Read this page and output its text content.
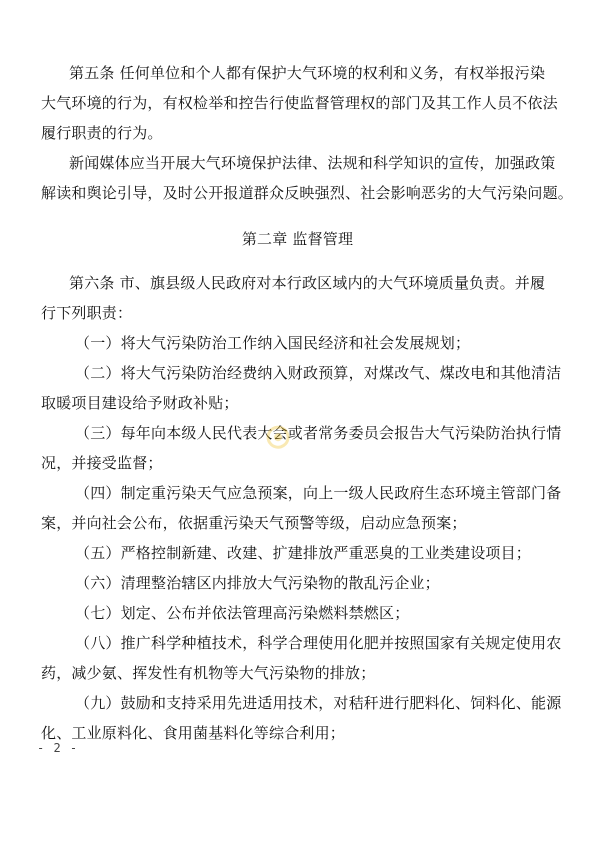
第五条 任何单位和个人都有保护大气环境的权利和义务，有权举报污染
大气环境的行为，有权检举和控告行使监督管理权的部门及其工作人员不依法
履行职责的行为。
新闻媒体应当开展大气环境保护法律、法规和科学知识的宣传，加强政策
解读和舆论引导，及时公开报道群众反映强烈、社会影响恶劣的大气污染问题。
第二章 监督管理
第六条 市、旗县级人民政府对本行政区域内的大气环境质量负责。并履
行下列职责：
（一）将大气污染防治工作纳入国民经济和社会发展规划；
（二）将大气污染防治经费纳入财政预算，对煤改气、煤改电和其他清洁
取暖项目建设给予财政补贴；
（三）每年向本级人民代表大会或者常务委员会报告大气污染防治执行情
况，并接受监督；
（四）制定重污染天气应急预案，向上一级人民政府生态环境主管部门备
案，并向社会公布，依据重污染天气预警等级，启动应急预案；
（五）严格控制新建、改建、扩建排放严重恶臭的工业类建设项目；
（六）清理整治辖区内排放大气污染物的散乱污企业；
（七）划定、公布并依法管理高污染燃料禁燃区；
（八）推广科学种植技术，科学合理使用化肥并按照国家有关规定使用农
药，减少氨、挥发性有机物等大气污染物的排放；
（九）鼓励和支持采用先进适用技术，对秸秆进行肥料化、饲料化、能源
化、工业原料化、食用菌基料化等综合利用；
- 2 -
